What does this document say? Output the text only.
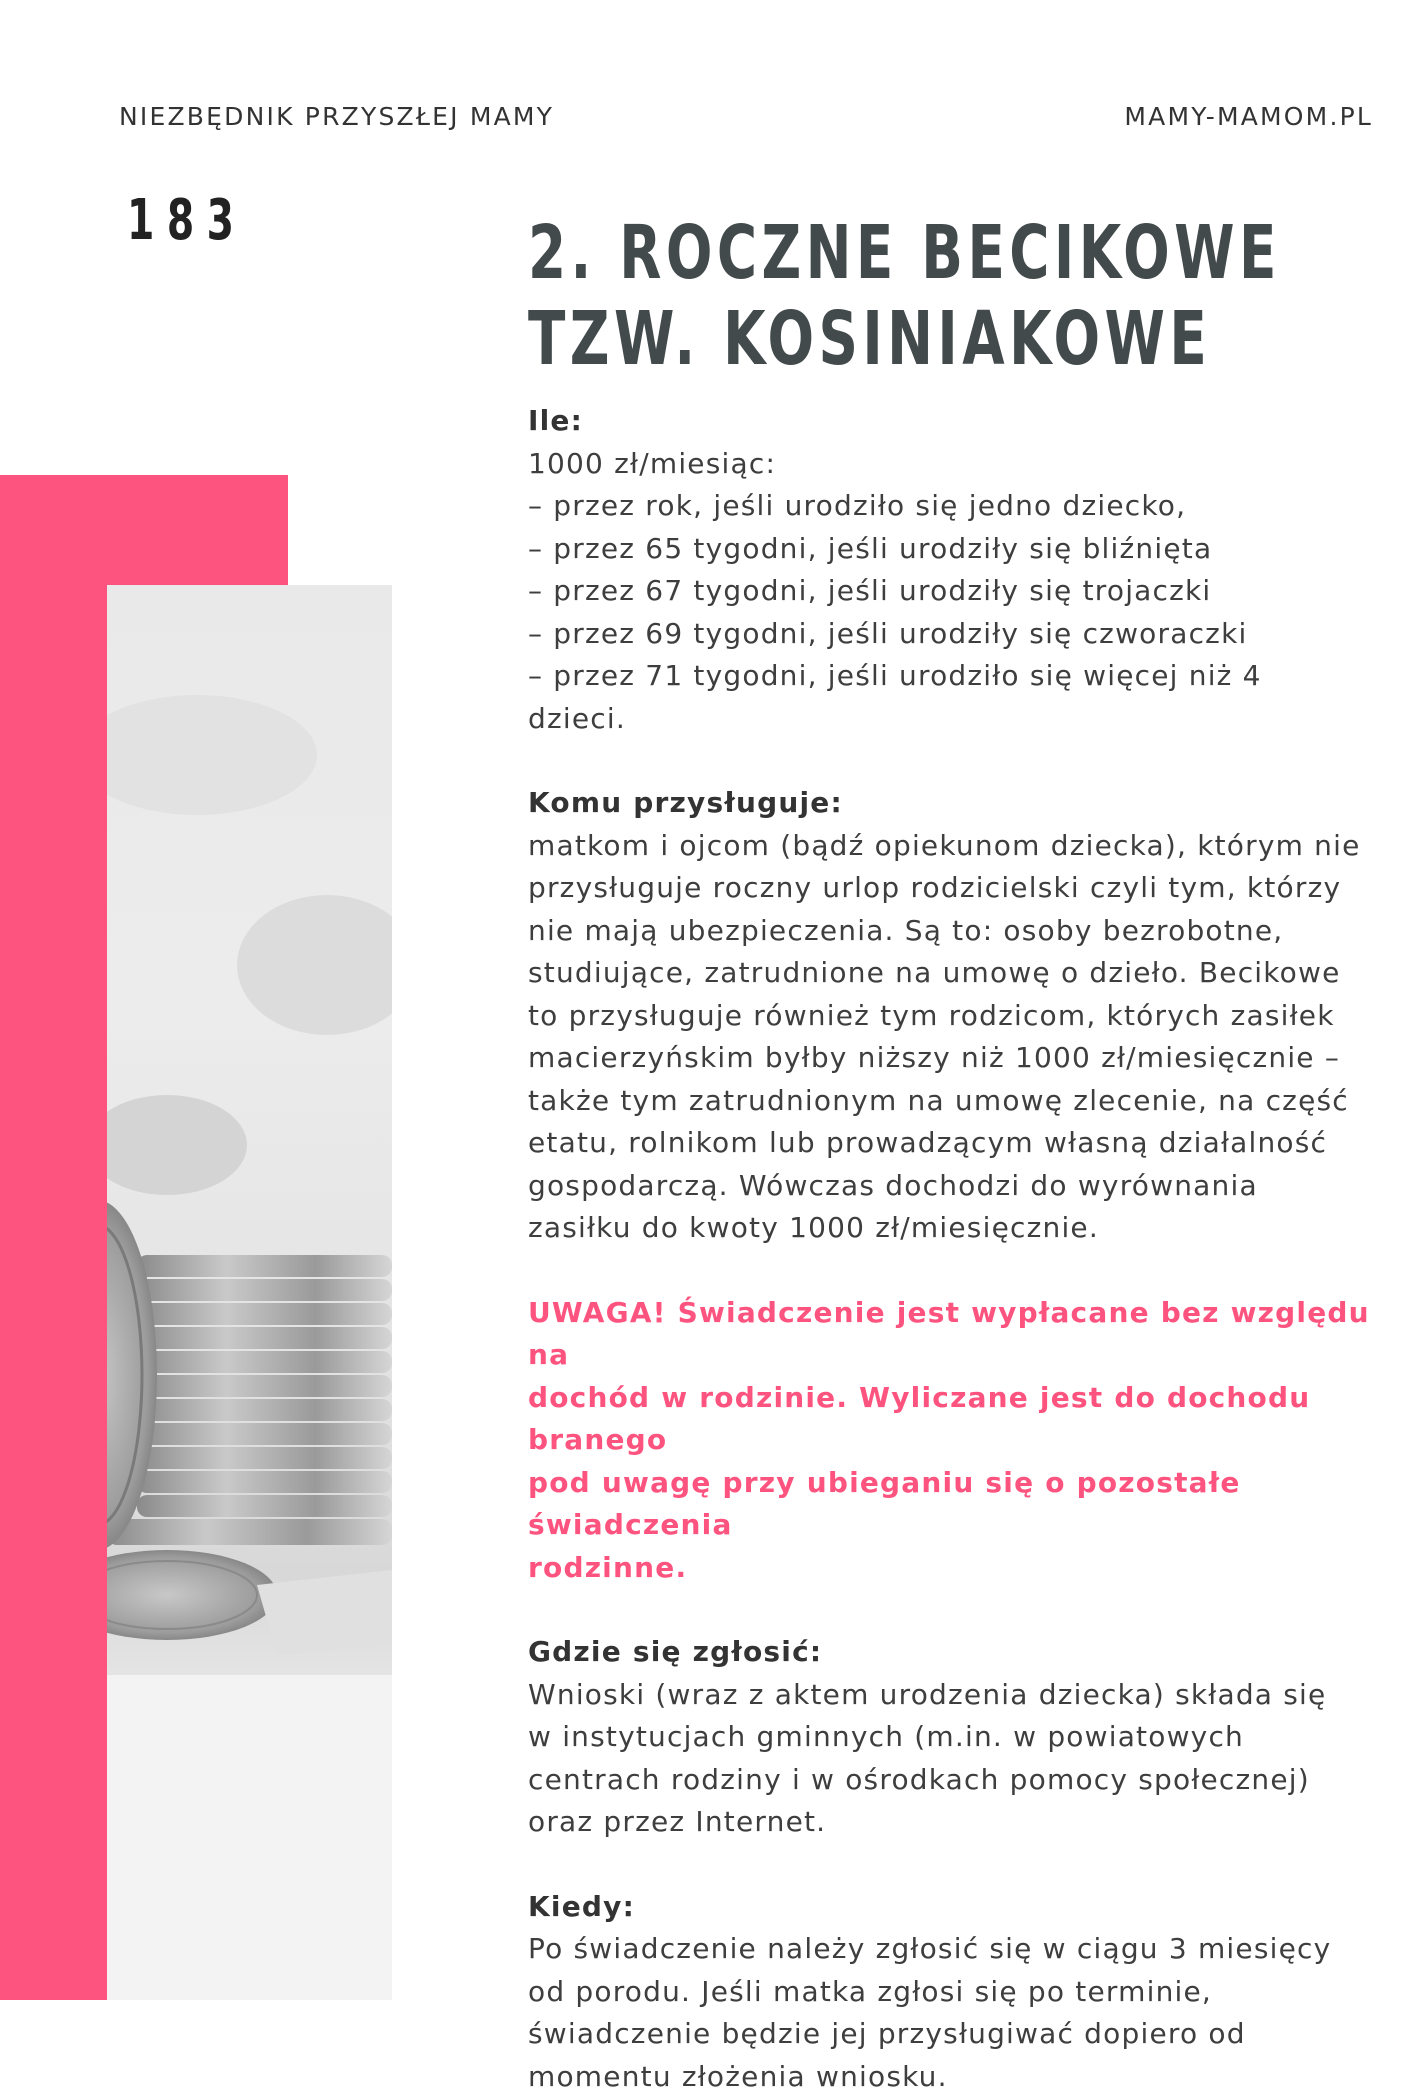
NIEZBĘDNIK PRZYSZŁEJ MAMY	MAMY-MAMOM.PL
183	2. ROCZNE BECIKOWE
TZW. KOSINIAKOWE

Ile:

1000 zł/miesiąc:

– przez rok, jeśli urodziło się jedno dziecko,

– przez 65 tygodni, jeśli urodziły się bliźnięta

– przez 67 tygodni, jeśli urodziły się trojaczki

– przez 69 tygodni, jeśli urodziły się czworaczki

– przez 71 tygodni, jeśli urodziło się więcej niż 4

dzieci.

Komu przysługuje:

matkom i ojcom (bądź opiekunom dziecka), którym nie

przysługuje roczny urlop rodzicielski czyli tym, którzy

nie mają ubezpieczenia. Są to: osoby bezrobotne,

studiujące, zatrudnione na umowę o dzieło. Becikowe

to przysługuje również tym rodzicom, których zasiłek

macierzyńskim byłby niższy niż 1000 zł/miesięcznie –

także tym zatrudnionym na umowę zlecenie, na część

etatu, rolnikom lub prowadzącym własną działalność

gospodarczą. Wówczas dochodzi do wyrównania

zasiłku do kwoty 1000 zł/miesięcznie.

UWAGA! Świadczenie jest wypłacane bez względu na

dochód w rodzinie. Wyliczane jest do dochodu branego

pod uwagę przy ubieganiu się o pozostałe świadczenia

rodzinne.

Gdzie się zgłosić:

Wnioski (wraz z aktem urodzenia dziecka) składa się

w instytucjach gminnych (m.in. w powiatowych

centrach rodziny i w ośrodkach pomocy społecznej)

oraz przez Internet.

Kiedy:

Po świadczenie należy zgłosić się w ciągu 3 miesięcy

od porodu. Jeśli matka zgłosi się po terminie,

świadczenie będzie jej przysługiwać dopiero od

momentu złożenia wniosku.
